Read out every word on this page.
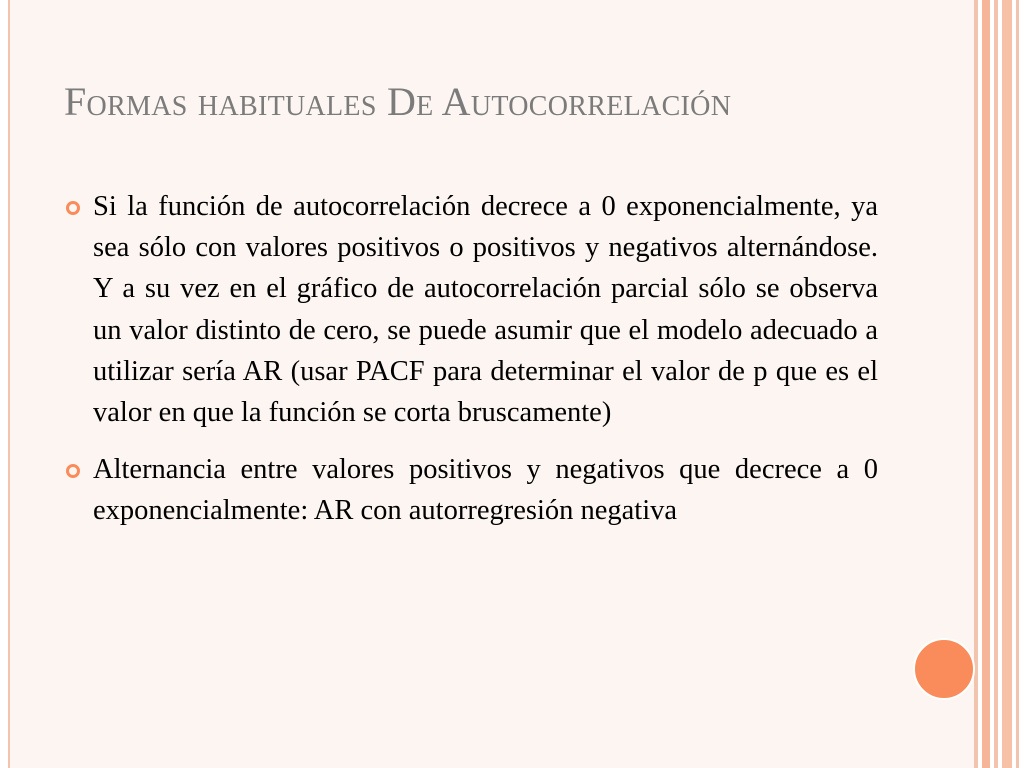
Formas habituales De Autocorrelación
Si la función de autocorrelación decrece a 0 exponencialmente, ya sea sólo con valores positivos o positivos y negativos alternándose. Y a su vez en el gráfico de autocorrelación parcial sólo se observa un valor distinto de cero, se puede asumir que el modelo adecuado a utilizar sería AR (usar PACF para determinar el valor de p que es el valor en que la función se corta bruscamente)
Alternancia entre valores positivos y negativos que decrece a 0 exponencialmente: AR con autorregresión negativa
